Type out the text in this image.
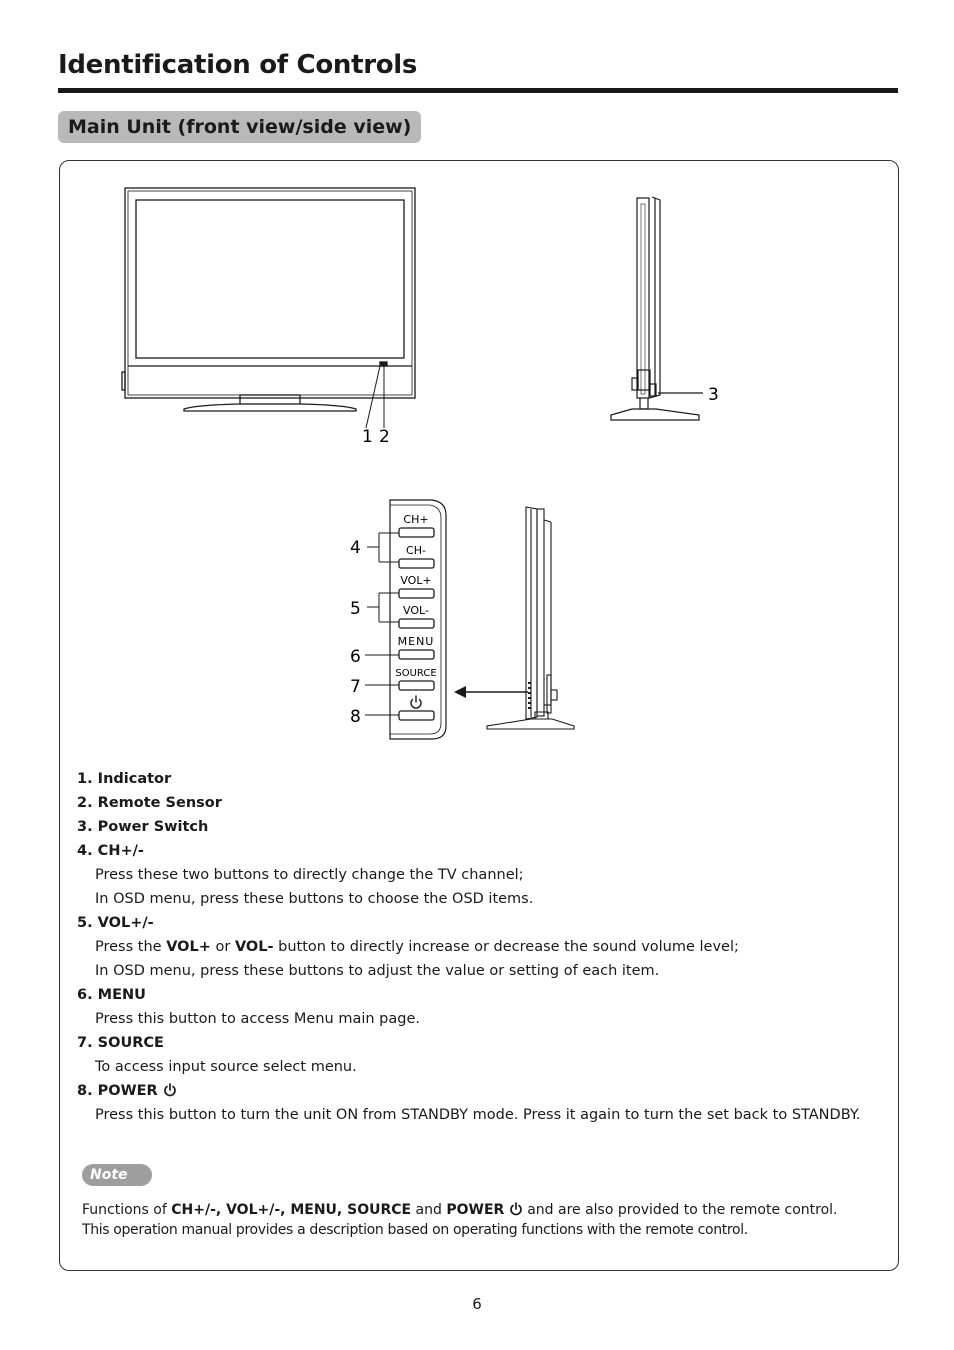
Identification of Controls
Main Unit (front view/side view)
1 2
3
CH+
CH-
VOL+
VOL-
MENU
SOURCE
4
5
6
7
8
1. Indicator
2. Remote Sensor
3. Power Switch
4. CH+/-
Press these two buttons to directly change the TV channel;
In OSD menu, press these buttons to choose the OSD items.
5. VOL+/-
Press the VOL+ or VOL- button to directly increase or decrease the sound volume level;
In OSD menu, press these buttons to adjust the value or setting of each item.
6. MENU
Press this button to access Menu main page.
7. SOURCE
To access input source select menu.
8. POWER
Press this button to turn the unit ON from STANDBY mode. Press it again to turn the set back to STANDBY.
Note
Functions of CH+/-, VOL+/-, MENU, SOURCE and POWER and are also provided to the remote control.
This operation manual provides a description based on operating functions with the remote control.
6
